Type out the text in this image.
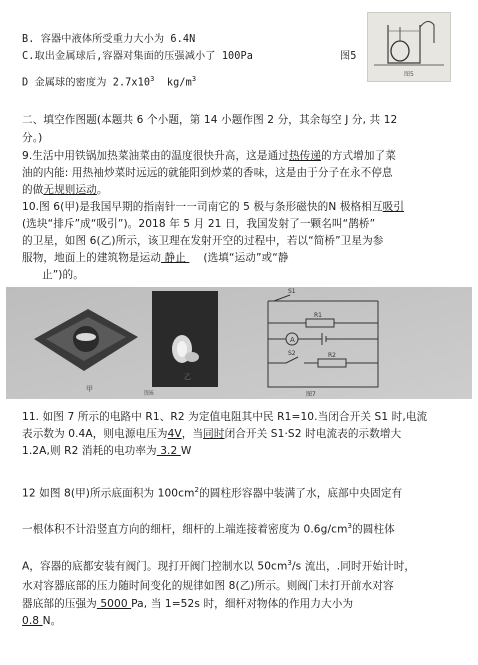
B. 容器中液体所受重力大小为 6.4N
C.取出金属球后,容器对集面的压强减小了 100Pa	图5
D 金属球的密度为 $2.7x10^3$ $kg/m^3$
图5
二、填空作图题(本题共 6 个小题，第 14 小题作图 2 分，其余每空 J 分, 共 12
分。)
9.生活中用铁锅加热菜油菜由的温度很快升高，这是通过热传递的方式增加了菜
油的内能: 用热袖炒菜时远远的就能阳到炒菜的香味，这是由于分子在永不停息
的做无规则运动。
10.图 6(甲)是我国早期的指南针一一司南它的 5 极与条形磁快的N 极格相互吸引
(选块“排斥”成“吸引”)。2018 年 5 月 21 日，我国发射了一颗名叫“鹊桥”
的卫星，如图 6(乙)所示，该卫理在发射开空的过程中，若以“简桥”卫星为参
服物，地面上的建筑物是运动 静止 (选填“运动”或“静
止”)的。
甲
乙
图6
S1
R1
A
S2	R2
图7
11. 如图 7 所示的电路中 R1、R2 为定值电阻其中民 R1=10.当闭合开关 S1 时,电流
表示数为 0.4A，则电源电压为4V，当同时闭合开关 S1·S2 时电流表的示数增大
1.2A,则 R2 消耗的电功率为 3.2 W
12 如图 8(甲)所示底面积为 $100cm^2$的圆柱形容器中装满了水，底部中央固定有
一根体积不计沿竖直方向的细杆，细杆的上端连接着密度为 $0.6g/cm^3$的圆柱体
A，容器的底都安装有阀门。现打开阀门控制水以 $50cm^3/s$ 流出，.同时开始计时，
水对容器底部的压力随时间变化的规律如图 8(乙)所示。则阀门未打开前水对容
器底部的压强为 5000 Pa, 当 1=52s 时，细杆对物体的作用力大小为
0.8 N。
